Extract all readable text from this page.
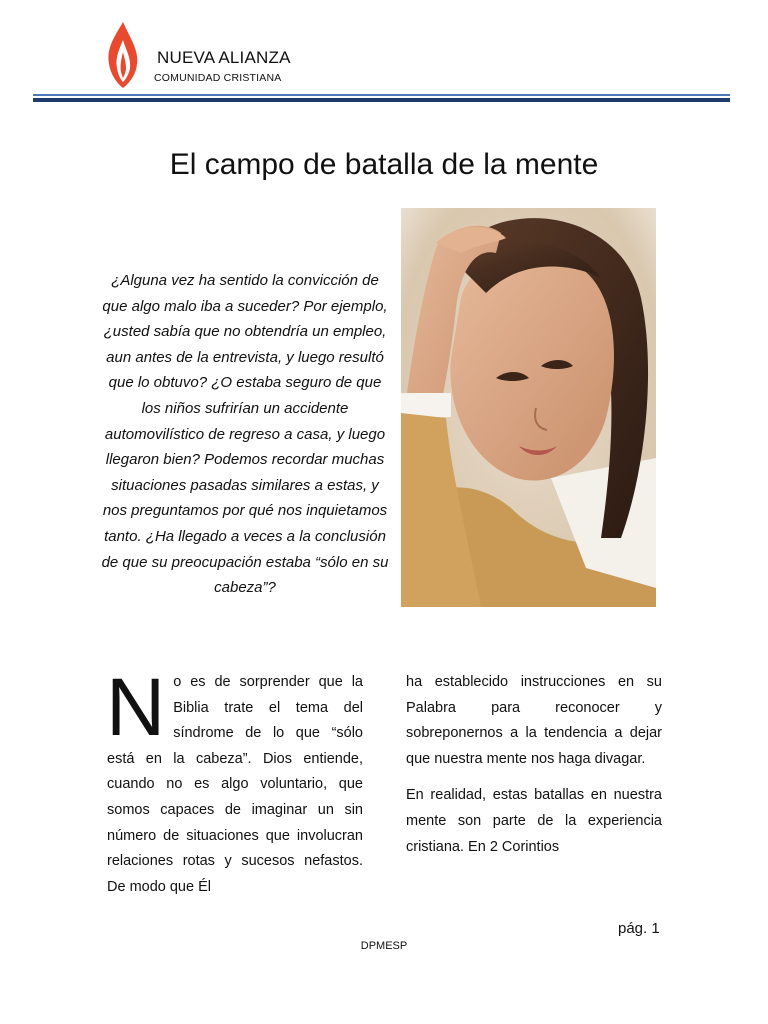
NUEVA ALIANZA
COMUNIDAD CRISTIANA
El campo de batalla de la mente

¿Alguna vez ha sentido la convicción de que algo malo iba a suceder? Por ejemplo, ¿usted sabía que no obtendría un empleo, aun antes de la entrevista, y luego resultó que lo obtuvo? ¿O estaba seguro de que los niños sufrirían un accidente automovilístico de regreso a casa, y luego llegaron bien? Podemos recordar muchas situaciones pasadas similares a estas, y nos preguntamos por qué nos inquietamos tanto. ¿Ha llegado a veces a la conclusión de que su preocupación estaba “sólo en su cabeza”?

No es de sorprender que la Biblia trate el tema del síndrome de lo que “sólo está en la cabeza”. Dios entiende, cuando no es algo voluntario, que somos capaces de imaginar un sin número de situaciones que involucran relaciones rotas y sucesos nefastos. De modo que Él

ha establecido instrucciones en su Palabra para reconocer y sobreponernos a la tendencia a dejar que nuestra mente nos haga divagar.

En realidad, estas batallas en nuestra mente son parte de la experiencia cristiana. En 2 Corintios

pág. 1
DPMESP
